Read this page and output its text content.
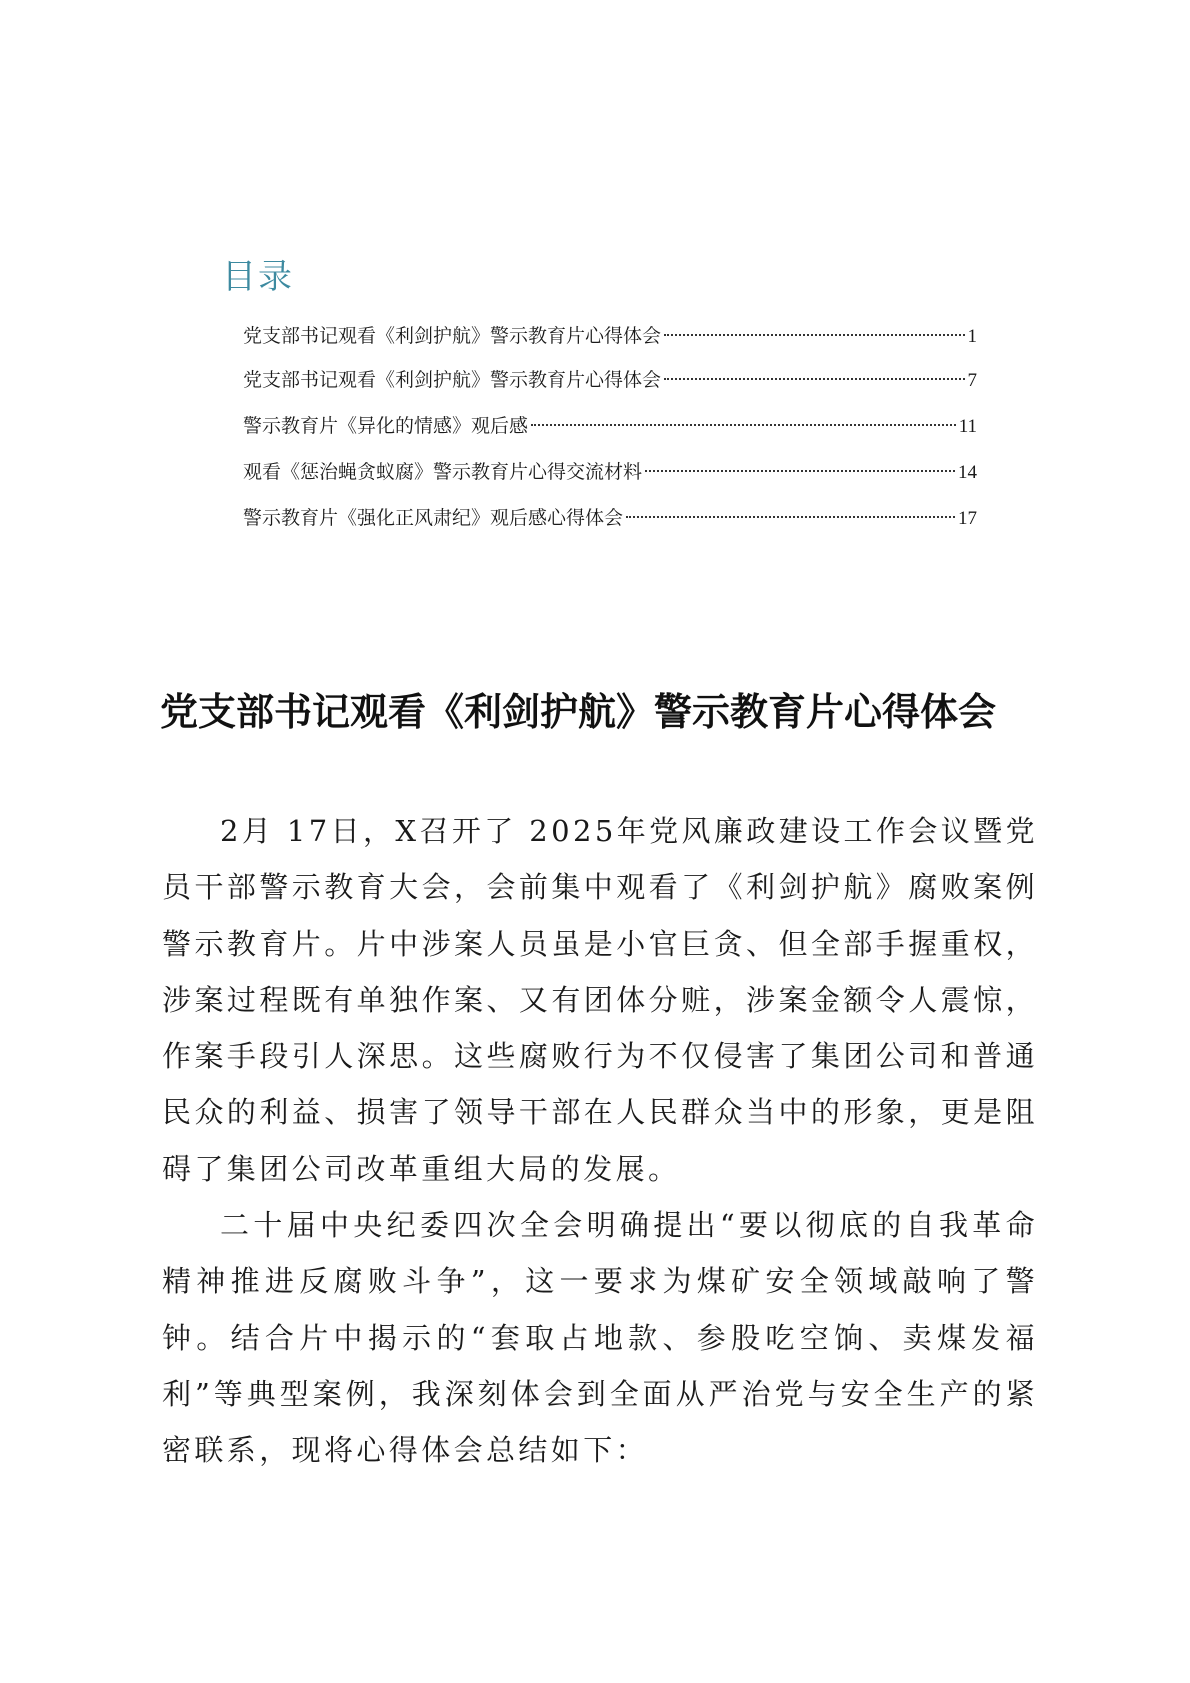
目录
党支部书记观看《利剑护航》警示教育片心得体会	1
党支部书记观看《利剑护航》警示教育片心得体会	7
警示教育片《异化的情感》观后感	11
观看《惩治蝇贪蚁腐》警示教育片心得交流材料	14
警示教育片《强化正风肃纪》观后感心得体会	17
党支部书记观看《利剑护航》警示教育片心得体会

2月 17日，X召开了 2025年党风廉政建设工作会议暨党员干部警示教育大会，会前集中观看了《利剑护航》腐败案例警示教育片。片中涉案人员虽是小官巨贪、但全部手握重权，涉案过程既有单独作案、又有团体分赃，涉案金额令人震惊，作案手段引人深思。这些腐败行为不仅侵害了集团公司和普通民众的利益、损害了领导干部在人民群众当中的形象，更是阻碍了集团公司改革重组大局的发展。

二十届中央纪委四次全会明确提出“要以彻底的自我革命精神推进反腐败斗争”，这一要求为煤矿安全领域敲响了警钟。结合片中揭示的“套取占地款、参股吃空饷、卖煤发福利”等典型案例，我深刻体会到全面从严治党与安全生产的紧密联系，现将心得体会总结如下：
